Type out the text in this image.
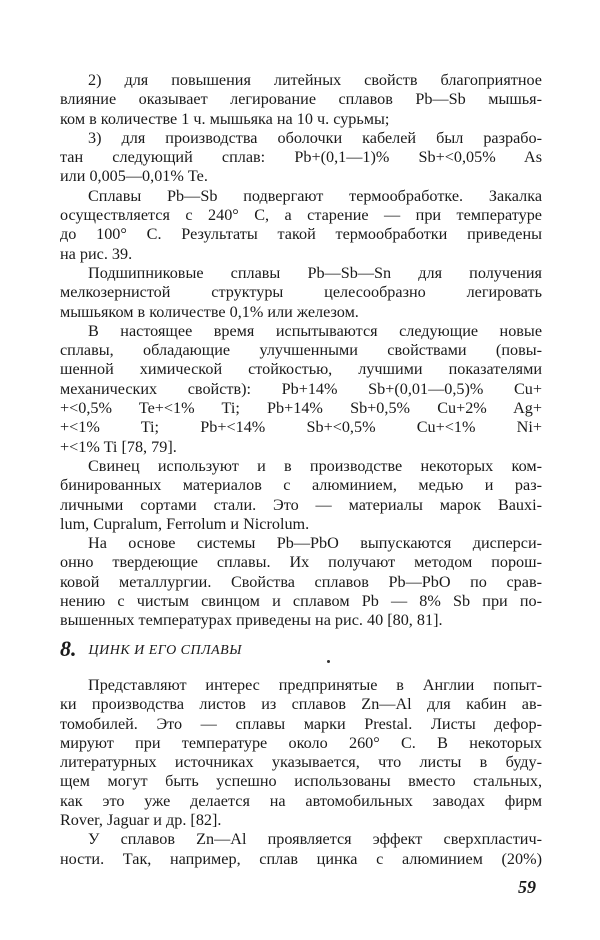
2) для повышения литейных свойств благоприятное
влияние оказывает легирование сплавов Pb—Sb мышья-
ком в количестве 1 ч. мышьяка на 10 ч. сурьмы;
3) для производства оболочки кабелей был разрабо-
тан следующий сплав: Pb+(0,1—1)% Sb+<0,05% As
или 0,005—0,01% Te.
Сплавы Pb—Sb подвергают термообработке. Закалка
осуществляется с 240° С, а старение — при температуре
до 100° С. Результаты такой термообработки приведены
на рис. 39.
Подшипниковые сплавы Pb—Sb—Sn для получения
мелкозернистой структуры целесообразно легировать
мышьяком в количестве 0,1% или железом.
В настоящее время испытываются следующие новые
сплавы, обладающие улучшенными свойствами (повы-
шенной химической стойкостью, лучшими показателями
механических свойств): Pb+14% Sb+(0,01—0,5)% Cu+
+<0,5% Te+<1% Ti; Pb+14% Sb+0,5% Cu+2% Ag+
+<1% Ti; Pb+<14% Sb+<0,5% Cu+<1% Ni+
+<1% Ti [78, 79].
Свинец используют и в производстве некоторых ком-
бинированных материалов с алюминием, медью и раз-
личными сортами стали. Это — материалы марок Bauxi-
lum, Cupralum, Ferrolum и Nicrolum.
На основе системы Pb—PbO выпускаются дисперси-
онно твердеющие сплавы. Их получают методом порош-
ковой металлургии. Свойства сплавов Pb—PbO по срав-
нению с чистым свинцом и сплавом Pb — 8% Sb при по-
вышенных температурах приведены на рис. 40 [80, 81].
8. ЦИНК И ЕГО СПЛАВЫ
Представляют интерес предпринятые в Англии попыт-
ки производства листов из сплавов Zn—Al для кабин ав-
томобилей. Это — сплавы марки Prestal. Листы дефор-
мируют при температуре около 260° С. В некоторых
литературных источниках указывается, что листы в буду-
щем могут быть успешно использованы вместо стальных,
как это уже делается на автомобильных заводах фирм
Rover, Jaguar и др. [82].
У сплавов Zn—Al проявляется эффект сверхпластич-
ности. Так, например, сплав цинка с алюминием (20%)
59
